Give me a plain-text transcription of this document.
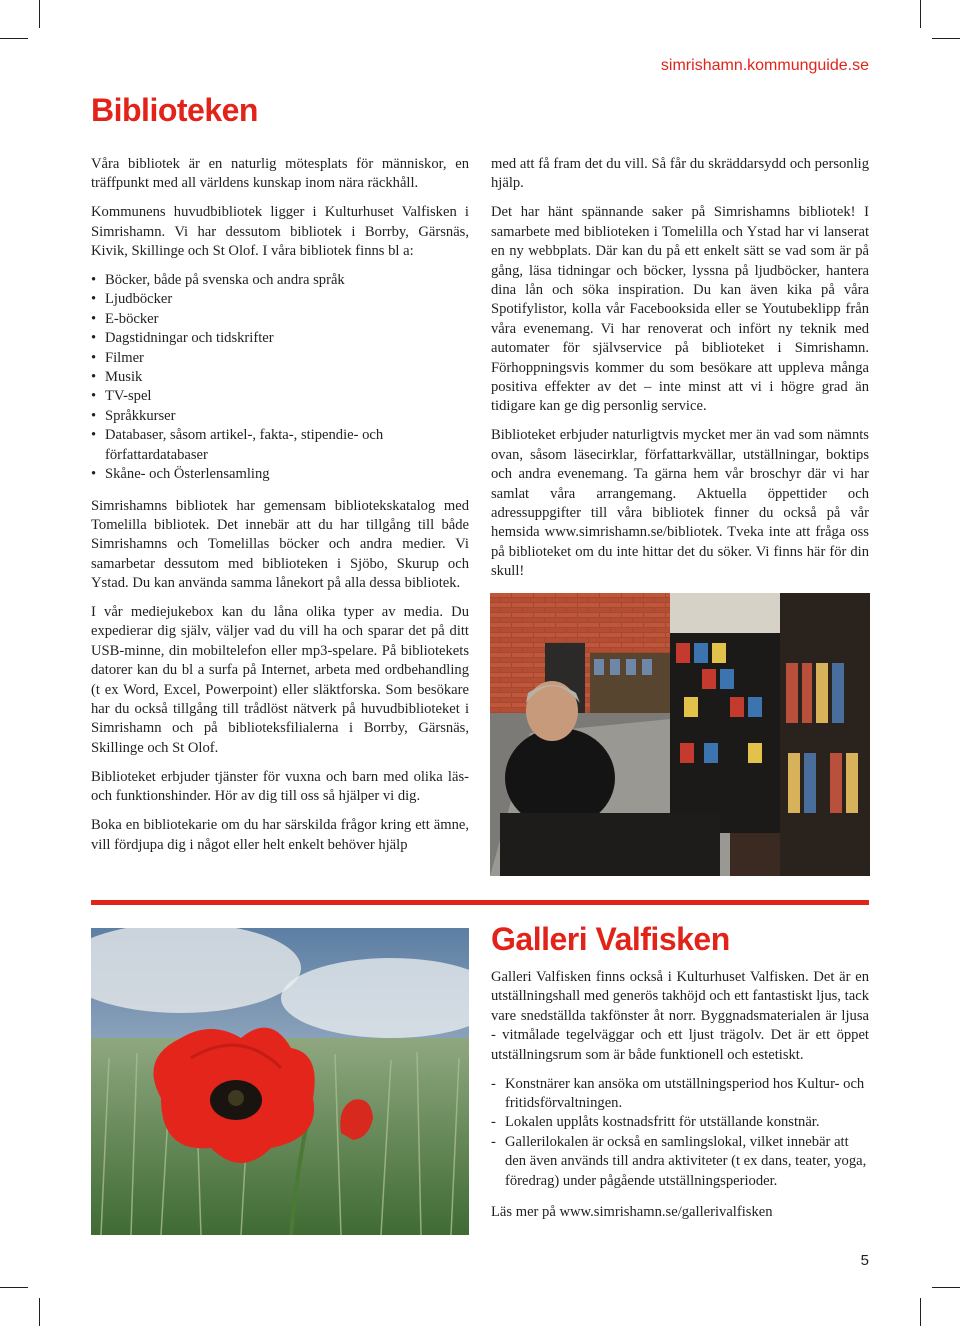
simrishamn.kommunguide.se
Biblioteken

Våra bibliotek är en naturlig mötesplats för människor, en träffpunkt med all världens kunskap inom nära räckhåll.

Kommunens huvudbibliotek ligger i Kulturhuset Valfisken i Simrishamn. Vi har dessutom bibliotek i Borrby, Gärsnäs, Kivik, Skillinge och St Olof. I våra bibliotek finns bl a:

• Böcker, både på svenska och andra språk
• Ljudböcker
• E-böcker
• Dagstidningar och tidskrifter
• Filmer
• Musik
• TV-spel
• Språkkurser
• Databaser, såsom artikel-, fakta-, stipendie- och författardatabaser
• Skåne- och Österlensamling

Simrishamns bibliotek har gemensam bibliotekskatalog med Tomelilla bibliotek. Det innebär att du har tillgång till både Simrishamns och Tomelillas böcker och andra medier. Vi samarbetar dessutom med biblioteken i Sjöbo, Skurup och Ystad. Du kan använda samma lånekort på alla dessa bibliotek.

I vår mediejukebox kan du låna olika typer av media. Du expedierar dig själv, väljer vad du vill ha och sparar det på ditt USB-minne, din mobiltelefon eller mp3-spelare. På bibliotekets datorer kan du bl a surfa på Internet, arbeta med ordbehandling (t ex Word, Excel, Powerpoint) eller släktforska. Som besökare har du också tillgång till trådlöst nätverk på huvudbiblioteket i Simrishamn och på biblioteksfilialerna i Borrby, Gärsnäs, Skillinge och St Olof.

Biblioteket erbjuder tjänster för vuxna och barn med olika läs- och funktionshinder. Hör av dig till oss så hjälper vi dig.

Boka en bibliotekarie om du har särskilda frågor kring ett ämne, vill fördjupa dig i något eller helt enkelt behöver hjälp

med att få fram det du vill. Så får du skräddarsydd och personlig hjälp.

Det har hänt spännande saker på Simrishamns bibliotek! I samarbete med biblioteken i Tomelilla och Ystad har vi lanserat en ny webbplats. Där kan du på ett enkelt sätt se vad som är på gång, läsa tidningar och böcker, lyssna på ljudböcker, hantera dina lån och söka inspiration. Du kan även kika på våra Spotifylistor, kolla vår Facebooksida eller se Youtubeklipp från våra evenemang. Vi har renoverat och infört ny teknik med automater för självservice på biblioteket i Simrishamn. Förhoppningsvis kommer du som besökare att uppleva många positiva effekter av det – inte minst att vi i högre grad än tidigare kan ge dig personlig service.

Biblioteket erbjuder naturligtvis mycket mer än vad som nämnts ovan, såsom läsecirklar, författarkvällar, utställningar, boktips och andra evenemang. Ta gärna hem vår broschyr där vi har samlat våra arrangemang. Aktuella öppettider och adressuppgifter till våra bibliotek finner du också på vår hemsida www.simrishamn.se/bibliotek. Tveka inte att fråga oss på biblioteket om du inte hittar det du söker. Vi finns här för din skull!

Galleri Valfisken

Galleri Valfisken finns också i Kulturhuset Valfisken. Det är en utställningshall med generös takhöjd och ett fantastiskt ljus, tack vare snedställda takfönster åt norr. Byggnadsmaterialen är ljusa - vitmålade tegelväggar och ett ljust trägolv. Det är ett öppet utställningsrum som är både funktionell och estetiskt.

- Konstnärer kan ansöka om utställningsperiod hos Kultur- och fritidsförvaltningen.
- Lokalen upplåts kostnadsfritt för utställande konstnär.
- Gallerilokalen är också en samlingslokal, vilket innebär att den även används till andra aktiviteter (t ex dans, teater, yoga, föredrag) under pågående utställningsperioder.

Läs mer på www.simrishamn.se/gallerivalfisken

5
